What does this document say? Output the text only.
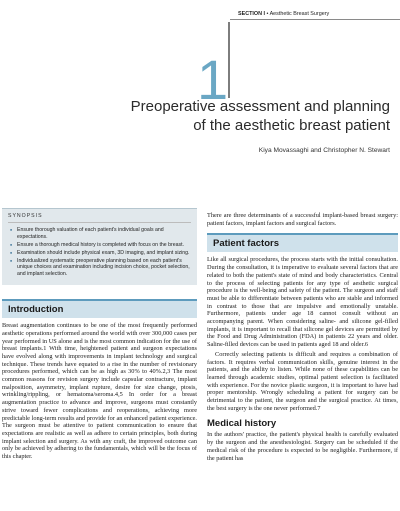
SECTION I • Aesthetic Breast Surgery
1
Preoperative assessment and planning
of the aesthetic breast patient
Kiya Movassaghi and Christopher N. Stewart
SYNOPSIS
■ Ensure thorough valuation of each patient's individual goals and expectations.
■ Ensure a thorough medical history is completed with focus on the breast.
■ Examination should include physical exam, 3D imaging, and implant sizing.
■ Individualized systematic preoperative planning based on each patient's unique choices and examination including incision choice, pocket selection, and implant selection.
Introduction

Breast augmentation continues to be one of the most frequently performed aesthetic operations performed around the world with over 300,000 cases per year performed in US alone and is the most common indication for the use of breast implants.1 With time, heightened patient and surgeon expectations have evolved along with improvements in implant technology and surgical technique. These trends have equated to a rise in the number of revisionary procedures performed, which can be as high as 30% to 40%.2,3 The most common reasons for revision surgery include capsular contracture, implant malposition, asymmetry, implant rupture, desire for size change, ptosis, wrinkling/rippling, or hematoma/seroma.4,5 In order for a breast augmentation practice to advance and improve, surgeons must constantly strive toward fewer complications and reoperations, achieving more predictable long-term results and provide for an enhanced patient experience. The surgeon must be attentive to patient communication to ensure that expectations are realistic as well as adhere to certain principles, both during implant selection and surgery. As with any craft, the improved outcome can only be achieved by adhering to the fundamentals, which will be the focus of this chapter.

There are three determinants of a successful implant-based breast surgery: patient factors, implant factors and surgical factors.

Patient factors

Like all surgical procedures, the process starts with the initial consultation. During the consultation, it is imperative to evaluate several factors that are related to both the patient's state of mind and body characteristics. Central to the process of selecting patients for any type of aesthetic surgical procedure is the well-being and safety of the patient. The surgeon and staff must be able to differentiate between patients who are stable and informed in contrast to those that are impulsive and emotionally unstable. Furthermore, patients under age 18 cannot consult without an accompanying parent. When considering saline- and silicone gel-filled implants, it is important to recall that silicone gel devices are permitted by the Food and Drug Administration (FDA) in patients 22 years and older. Saline-filled devices can be used in patients aged 18 and older.6

Correctly selecting patients is difficult and requires a combination of factors. It requires verbal communication skills, genuine interest in the patients, and the ability to listen. While none of these capabilities can be learned through academic studies, optimal patient selection is facilitated with experience. For the novice plastic surgeon, it is important to have had proper mentorship. Wrongly scheduling a patient for surgery can be detrimental to the patient, the surgeon and the surgical practice. At times, the best surgery is the one never performed.7

Medical history

In the authors' practice, the patient's physical health is carefully evaluated by the surgeon and the anesthesiologist. Surgery can be scheduled if the medical risk of the procedure is expected to be negligible. Furthermore, if the patient has
